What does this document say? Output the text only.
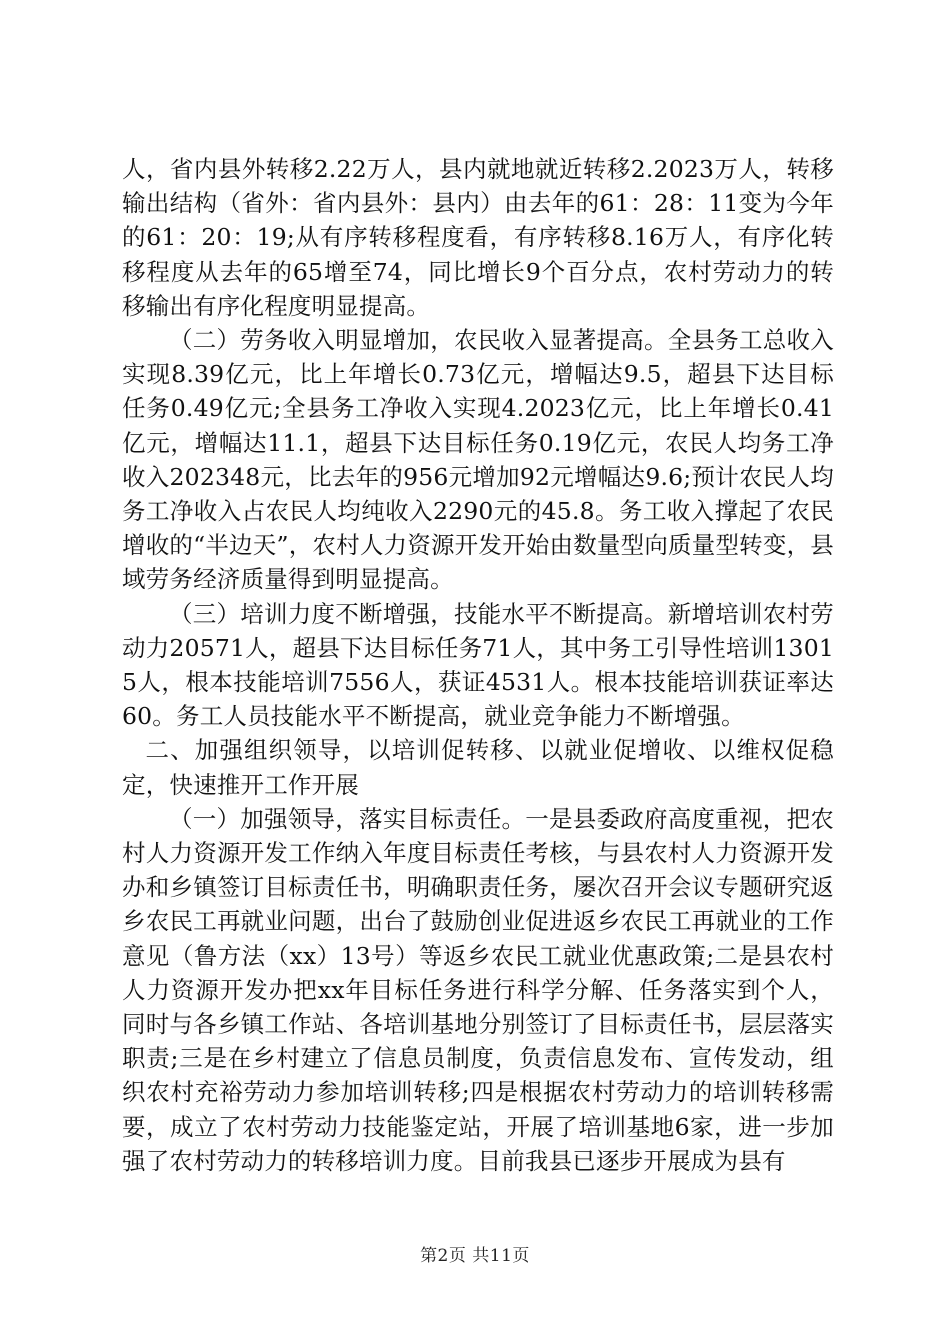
人，省内县外转移2.22万人，县内就地就近转移2.2023万人，转移输出结构（省外：省内县外：县内）由去年的61：28：11变为今年的61：20：19;从有序转移程度看，有序转移8.16万人，有序化转移程度从去年的65增至74，同比增长9个百分点，农村劳动力的转移输出有序化程度明显提高。

（二）劳务收入明显增加，农民收入显著提高。全县务工总收入实现8.39亿元，比上年增长0.73亿元，增幅达9.5，超县下达目标任务0.49亿元;全县务工净收入实现4.2023亿元，比上年增长0.41亿元，增幅达11.1，超县下达目标任务0.19亿元，农民人均务工净收入202348元，比去年的956元增加92元增幅达9.6;预计农民人均务工净收入占农民人均纯收入2290元的45.8。务工收入撑起了农民增收的“半边天”，农村人力资源开发开始由数量型向质量型转变，县域劳务经济质量得到明显提高。

（三）培训力度不断增强，技能水平不断提高。新增培训农村劳动力20571人，超县下达目标任务71人，其中务工引导性培训13015人，根本技能培训7556人，获证4531人。根本技能培训获证率达60。务工人员技能水平不断提高，就业竞争能力不断增强。

二、加强组织领导，以培训促转移、以就业促增收、以维权促稳定，快速推开工作开展

（一）加强领导，落实目标责任。一是县委政府高度重视，把农村人力资源开发工作纳入年度目标责任考核，与县农村人力资源开发办和乡镇签订目标责任书，明确职责任务，屡次召开会议专题研究返乡农民工再就业问题，出台了鼓励创业促进返乡农民工再就业的工作意见（鲁方法（xx）13号）等返乡农民工就业优惠政策;二是县农村人力资源开发办把xx年目标任务进行科学分解、任务落实到个人，同时与各乡镇工作站、各培训基地分别签订了目标责任书，层层落实职责;三是在乡村建立了信息员制度，负责信息发布、宣传发动，组织农村充裕劳动力参加培训转移;四是根据农村劳动力的培训转移需要，成立了农村劳动力技能鉴定站，开展了培训基地6家，进一步加强了农村劳动力的转移培训力度。目前我县已逐步开展成为县有

第2页 共11页
